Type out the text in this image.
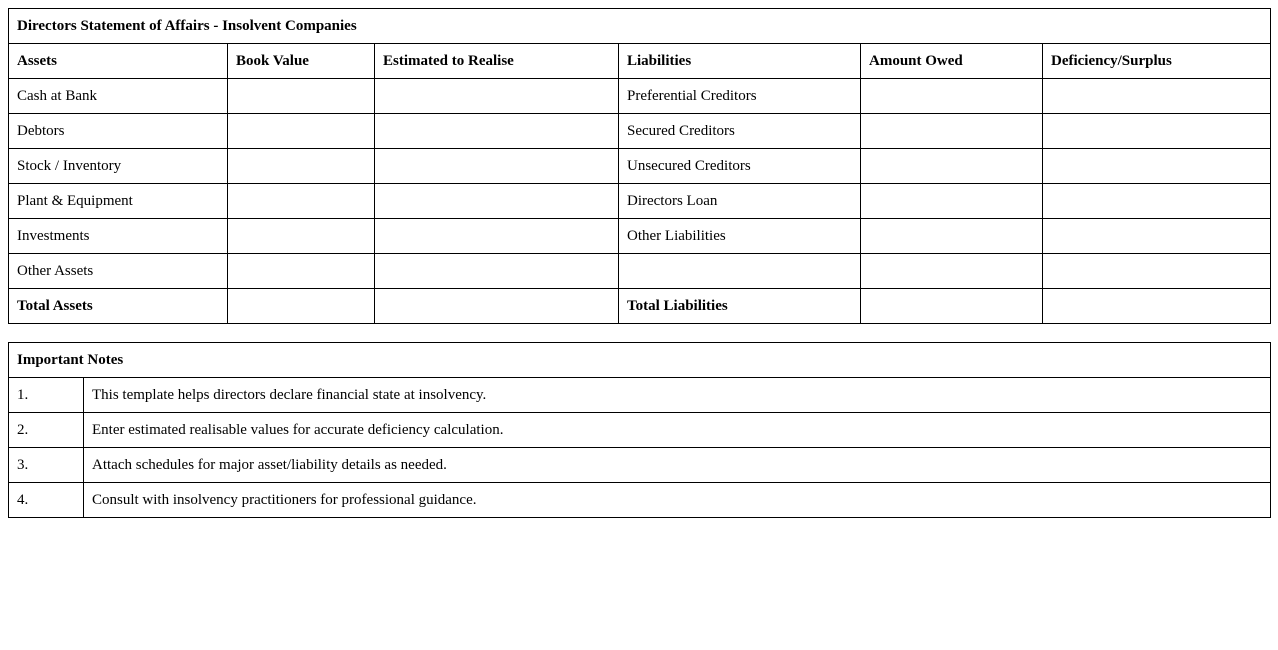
Directors Statement of Affairs - Insolvent Companies					
Assets	Book Value	Estimated to Realise	Liabilities	Amount Owed	Deficiency/Surplus
Cash at Bank			Preferential Creditors		
Debtors			Secured Creditors		
Stock / Inventory			Unsecured Creditors		
Plant & Equipment			Directors Loan		
Investments			Other Liabilities		
Other Assets					
Total Assets			Total Liabilities		
Important Notes	
1.	This template helps directors declare financial state at insolvency.
2.	Enter estimated realisable values for accurate deficiency calculation.
3.	Attach schedules for major asset/liability details as needed.
4.	Consult with insolvency practitioners for professional guidance.
